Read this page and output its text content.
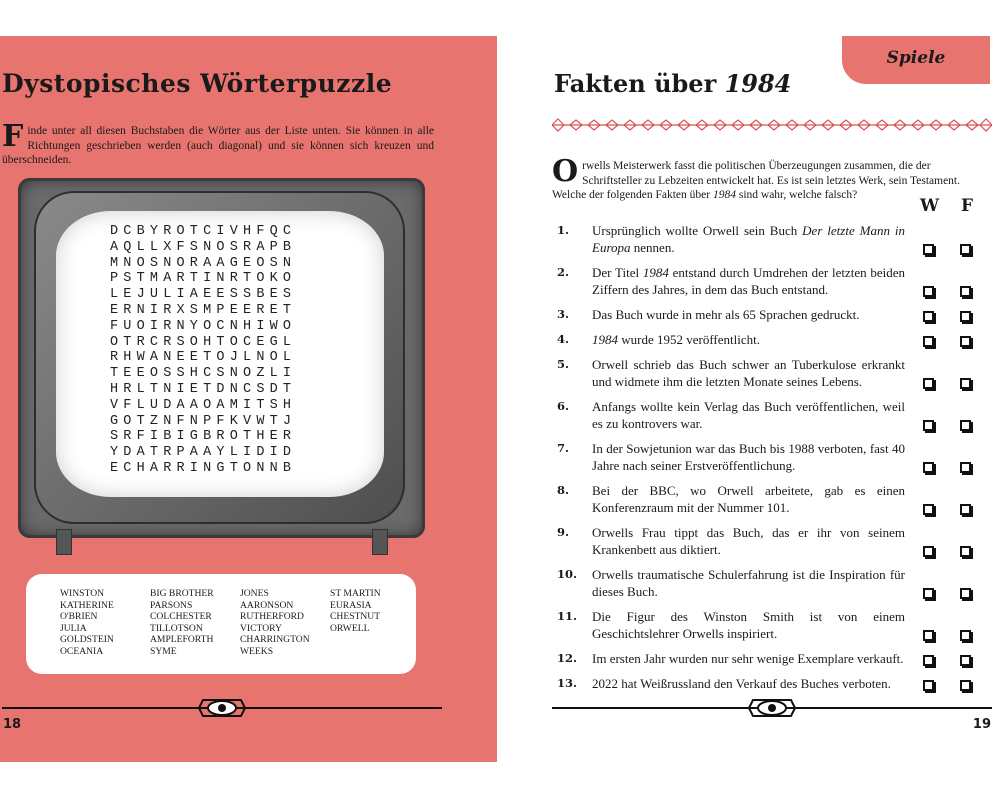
Dystopisches Wörterpuzzle

Finde unter all diesen Buchstaben die Wörter aus der Liste unten. Sie können in alle Richtungen geschrieben werden (auch diagonal) und sie können sich kreuzen und überschneiden.

DCBYROTCIVHFQC
AQLLXFSNOSRAPB
MNOSNORAAGEOSN
PSTMARTINRTOKO
LEJULIAEESSBES
ERNIRXSMPEERET
FUOIRNYOCNHIWO
OTRCRSOHTOCEGL
RHWANEETOJLNOL
TEEOSSHCSNOZLI
HRLTNIETDNCSDT
VFLUDAAOAMITSH
GOTZNFNPFKVWTJ
SRFIBIGBROTHER
YDATRPAAYLIDID
ECHARRINGTONNB
WINSTON
KATHERINE
O'BRIEN
JULIA
GOLDSTEIN
OCEANIA
BIG BROTHER
PARSONS
COLCHESTER
TILLOTSON
AMPLEFORTH
SYME
JONES
AARONSON
RUTHERFORD
VICTORY
CHARRINGTON
WEEKS
ST MARTIN
EURASIA
CHESTNUT
ORWELL
18
Spiele
Fakten über 1984

Orwells Meisterwerk fasst die politischen Überzeugungen zusammen, die der Schriftsteller zu Lebzeiten entwickelt hat. Es ist sein letztes Werk, sein Testament. Welche der folgenden Fakten über 1984 sind wahr, welche falsch?

W F
1. Ursprünglich wollte Orwell sein Buch Der letzte Mann in Europa nennen.
2. Der Titel 1984 entstand durch Umdrehen der letzten beiden Ziffern des Jahres, in dem das Buch entstand.
3. Das Buch wurde in mehr als 65 Sprachen gedruckt.
4. 1984 wurde 1952 veröffentlicht.
5. Orwell schrieb das Buch schwer an Tuberkulose erkrankt und widmete ihm die letzten Monate seines Lebens.
6. Anfangs wollte kein Verlag das Buch veröffentlichen, weil es zu kontrovers war.
7. In der Sowjetunion war das Buch bis 1988 verboten, fast 40 Jahre nach seiner Erstveröffentlichung.
8. Bei der BBC, wo Orwell arbeitete, gab es einen Konferenzraum mit der Nummer 101.
9. Orwells Frau tippt das Buch, das er ihr von seinem Krankenbett aus diktiert.
10. Orwells traumatische Schulerfahrung ist die Inspiration für dieses Buch.
11. Die Figur des Winston Smith ist von einem Geschichtslehrer Orwells inspiriert.
12. Im ersten Jahr wurden nur sehr wenige Exemplare verkauft.
13. 2022 hat Weißrussland den Verkauf des Buches verboten.
19
